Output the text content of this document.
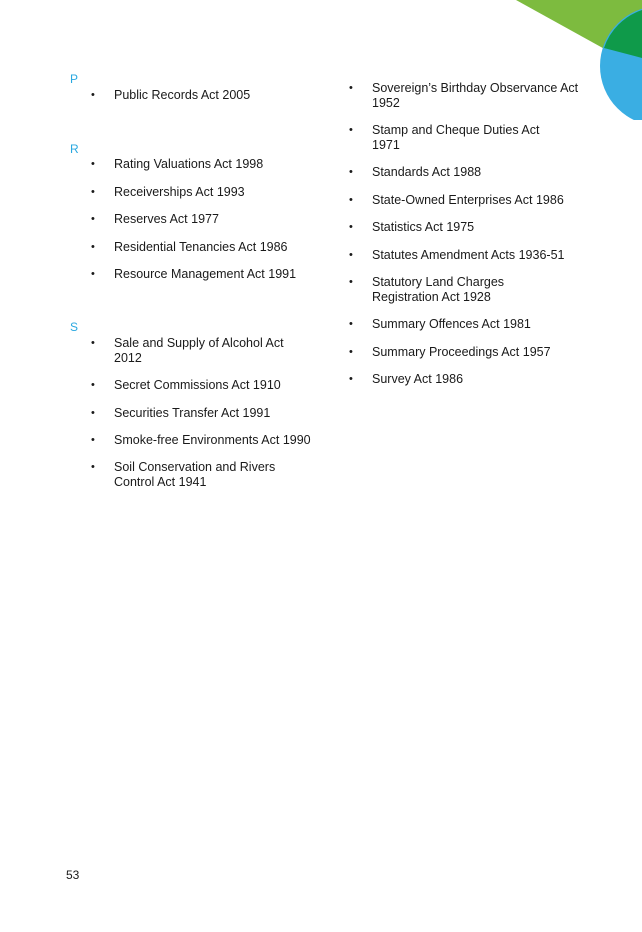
P

• Public Records Act 2005

R

• Rating Valuations Act 1998
• Receiverships Act 1993
• Reserves Act 1977
• Residential Tenancies Act 1986
• Resource Management Act 1991

S

• Sale and Supply of Alcohol Act 2012
• Secret Commissions Act 1910
• Securities Transfer Act 1991
• Smoke-free Environments Act 1990
• Soil Conservation and Rivers Control Act 1941
• Sovereign’s Birthday Observance Act 1952
• Stamp and Cheque Duties Act 1971
• Standards Act 1988
• State-Owned Enterprises Act 1986
• Statistics Act 1975
• Statutes Amendment Acts 1936-51
• Statutory Land Charges Registration Act 1928
• Summary Offences Act 1981
• Summary Proceedings Act 1957
• Survey Act 1986
53
